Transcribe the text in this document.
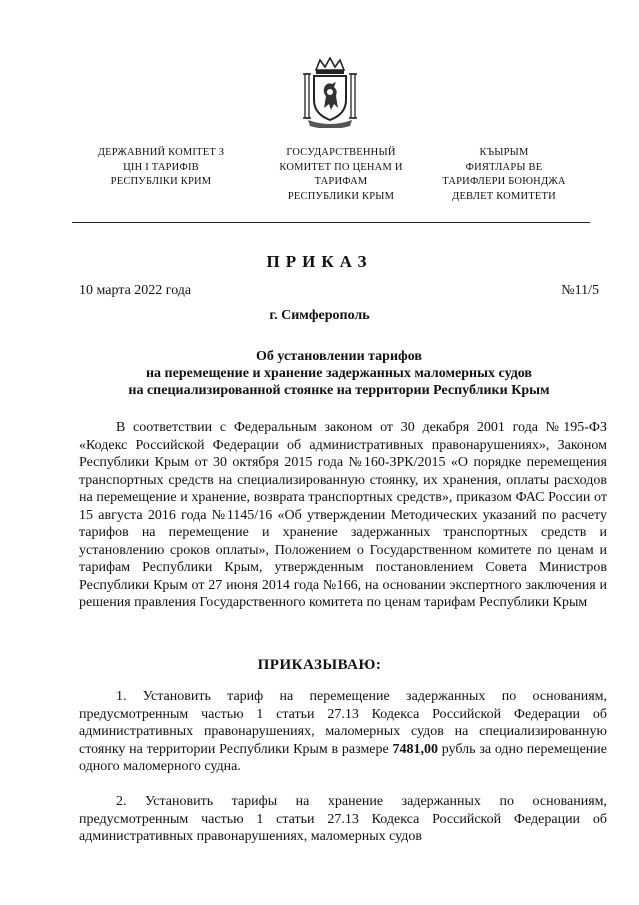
ДЕРЖАВНИЙ КОМІТЕТ З
ЦІН І ТАРИФІВ
РЕСПУБЛІКИ КРИМ
ГОСУДАРСТВЕННЫЙ
КОМИТЕТ ПО ЦЕНАМ И
ТАРИФАМ
РЕСПУБЛИКИ КРЫМ
КЪЫРЫМ
ФИЯТЛАРЫ ВЕ
ТАРИФЛЕРИ БОЮНДЖА
ДЕВЛЕТ КОМИТЕТИ
ПРИКАЗ
10 марта 2022 года	№11/5
г. Симферополь
Об установлении тарифов
на перемещение и хранение задержанных маломерных судов
на специализированной стоянке на территории Республики Крым
В соответствии с Федеральным законом от 30 декабря 2001 года №195-ФЗ «Кодекс Российской Федерации об административных правонарушениях», Законом Республики Крым от 30 октября 2015 года №160-ЗРК/2015 «О порядке перемещения транспортных средств на специализированную стоянку, их хранения, оплаты расходов на перемещение и хранение, возврата транспортных средств», приказом ФАС России от 15 августа 2016 года №1145/16 «Об утверждении Методических указаний по расчету тарифов на перемещение и хранение задержанных транспортных средств и установлению сроков оплаты», Положением о Государственном комитете по ценам и тарифам Республики Крым, утвержденным постановлением Совета Министров Республики Крым от 27 июня 2014 года №166, на основании экспертного заключения и решения правления Государственного комитета по ценам тарифам Республики Крым
ПРИКАЗЫВАЮ:
1. Установить тариф на перемещение задержанных по основаниям, предусмотренным частью 1 статьи 27.13 Кодекса Российской Федерации об административных правонарушениях, маломерных судов на специализированную стоянку на территории Республики Крым в размере 7481,00 рубль за одно перемещение одного маломерного судна.
2. Установить тарифы на хранение задержанных по основаниям, предусмотренным частью 1 статьи 27.13 Кодекса Российской Федерации об административных правонарушениях, маломерных судов
